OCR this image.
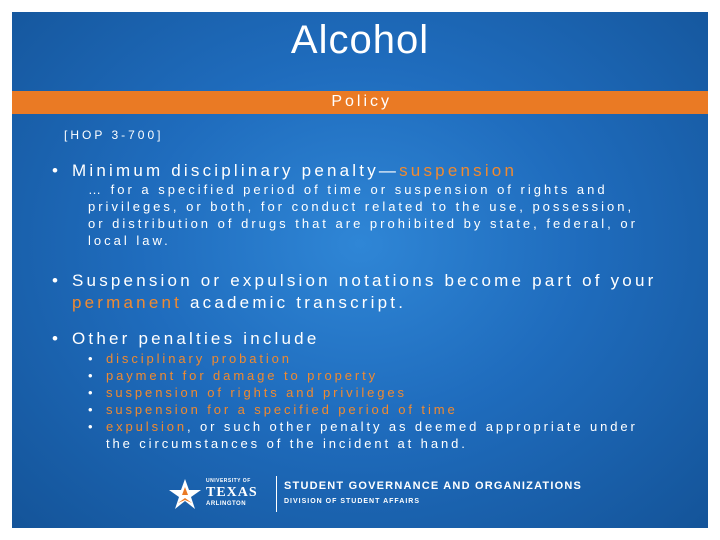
Alcohol
Policy
[HOP 3-700]
• Minimum disciplinary penalty—suspension
… for a specified period of time or suspension of rights and
privileges, or both, for conduct related to the use, possession,
or distribution of drugs that are prohibited by state, federal, or
local law.
• Suspension or expulsion notations become part of your
permanent academic transcript.
• Other penalties include
• disciplinary probation
• payment for damage to property
• suspension of rights and privileges
• suspension for a specified period of time
• expulsion, or such other penalty as deemed appropriate under
the circumstances of the incident at hand.
UNIVERSITY OF
TEXAS
ARLINGTON
STUDENT GOVERNANCE AND ORGANIZATIONS
DIVISION OF STUDENT AFFAIRS
